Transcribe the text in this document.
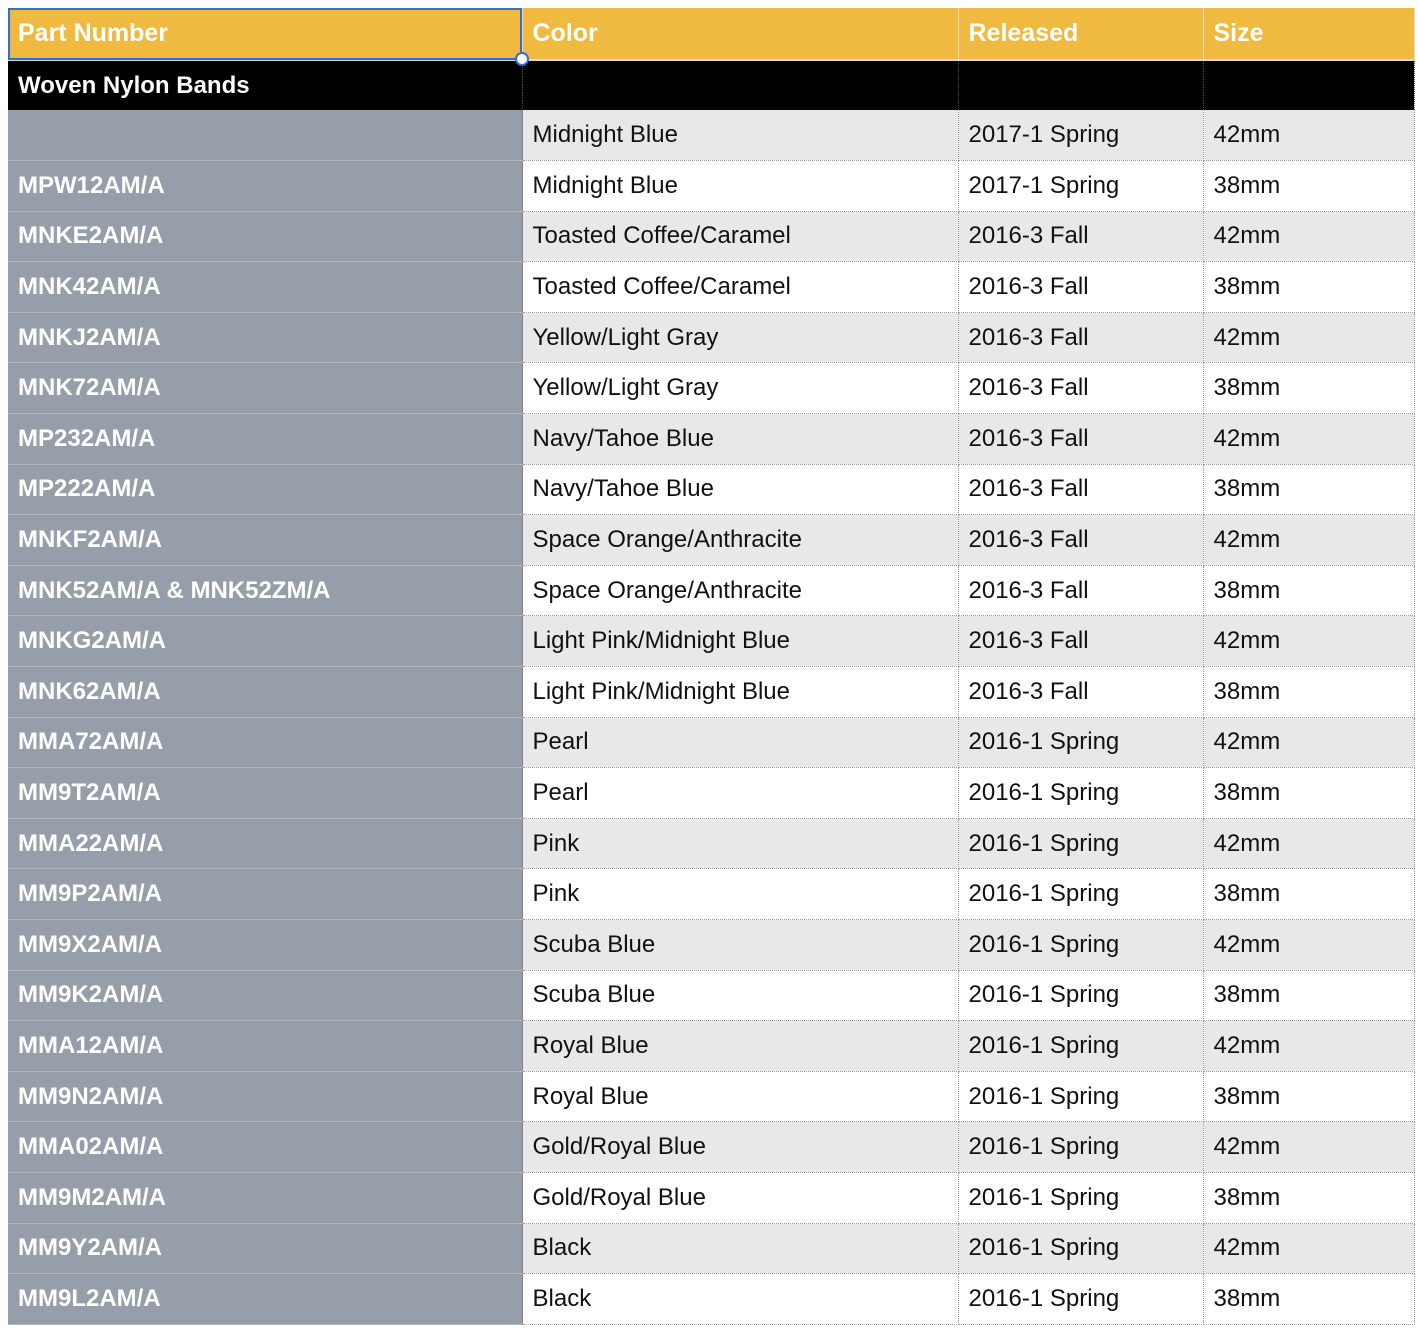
Part Number	Color	Released	Size
Woven Nylon Bands			
	Midnight Blue	2017-1 Spring	42mm
MPW12AM/A	Midnight Blue	2017-1 Spring	38mm
MNKE2AM/A	Toasted Coffee/Caramel	2016-3 Fall	42mm
MNK42AM/A	Toasted Coffee/Caramel	2016-3 Fall	38mm
MNKJ2AM/A	Yellow/Light Gray	2016-3 Fall	42mm
MNK72AM/A	Yellow/Light Gray	2016-3 Fall	38mm
MP232AM/A	Navy/Tahoe Blue	2016-3 Fall	42mm
MP222AM/A	Navy/Tahoe Blue	2016-3 Fall	38mm
MNKF2AM/A	Space Orange/Anthracite	2016-3 Fall	42mm
MNK52AM/A & MNK52ZM/A	Space Orange/Anthracite	2016-3 Fall	38mm
MNKG2AM/A	Light Pink/Midnight Blue	2016-3 Fall	42mm
MNK62AM/A	Light Pink/Midnight Blue	2016-3 Fall	38mm
MMA72AM/A	Pearl	2016-1 Spring	42mm
MM9T2AM/A	Pearl	2016-1 Spring	38mm
MMA22AM/A	Pink	2016-1 Spring	42mm
MM9P2AM/A	Pink	2016-1 Spring	38mm
MM9X2AM/A	Scuba Blue	2016-1 Spring	42mm
MM9K2AM/A	Scuba Blue	2016-1 Spring	38mm
MMA12AM/A	Royal Blue	2016-1 Spring	42mm
MM9N2AM/A	Royal Blue	2016-1 Spring	38mm
MMA02AM/A	Gold/Royal Blue	2016-1 Spring	42mm
MM9M2AM/A	Gold/Royal Blue	2016-1 Spring	38mm
MM9Y2AM/A	Black	2016-1 Spring	42mm
MM9L2AM/A	Black	2016-1 Spring	38mm
